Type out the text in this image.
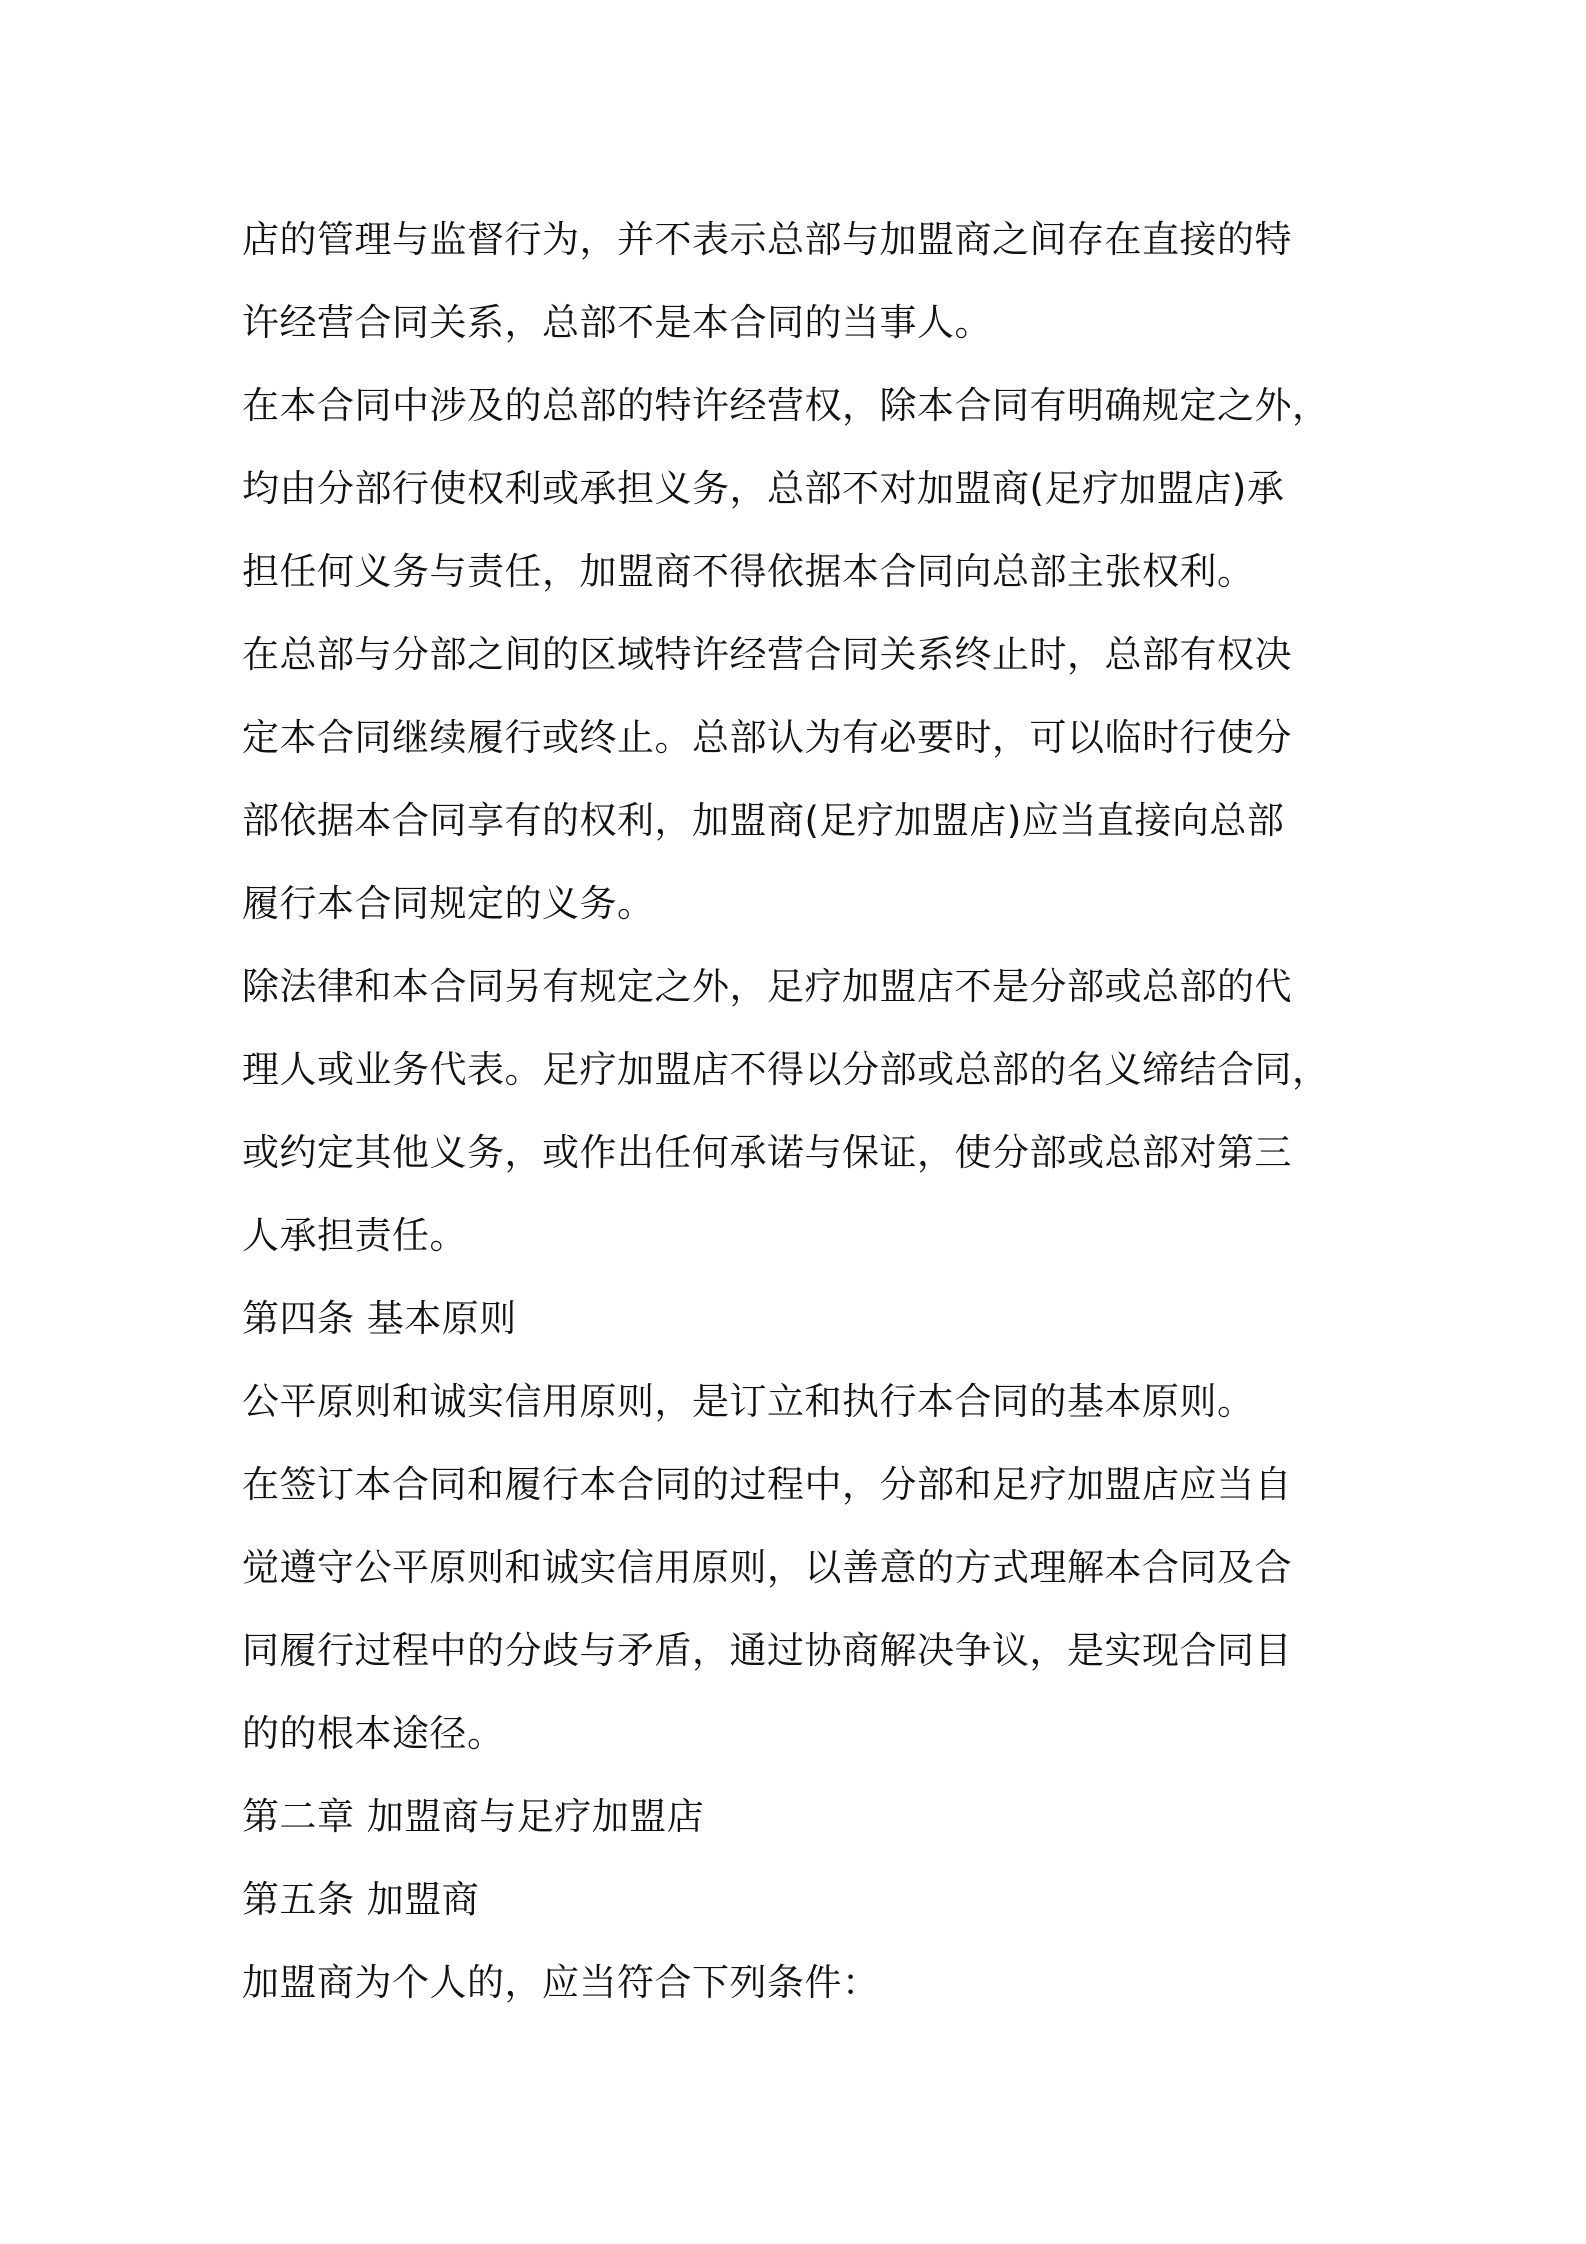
店的管理与监督行为，并不表示总部与加盟商之间存在直接的特
许经营合同关系，总部不是本合同的当事人。
在本合同中涉及的总部的特许经营权，除本合同有明确规定之外，
均由分部行使权利或承担义务，总部不对加盟商(足疗加盟店)承
担任何义务与责任，加盟商不得依据本合同向总部主张权利。
在总部与分部之间的区域特许经营合同关系终止时，总部有权决
定本合同继续履行或终止。总部认为有必要时，可以临时行使分
部依据本合同享有的权利，加盟商(足疗加盟店)应当直接向总部
履行本合同规定的义务。
除法律和本合同另有规定之外，足疗加盟店不是分部或总部的代
理人或业务代表。足疗加盟店不得以分部或总部的名义缔结合同，
或约定其他义务，或作出任何承诺与保证，使分部或总部对第三
人承担责任。
第四条 基本原则
公平原则和诚实信用原则，是订立和执行本合同的基本原则。
在签订本合同和履行本合同的过程中，分部和足疗加盟店应当自
觉遵守公平原则和诚实信用原则，以善意的方式理解本合同及合
同履行过程中的分歧与矛盾，通过协商解决争议，是实现合同目
的的根本途径。
第二章 加盟商与足疗加盟店
第五条 加盟商
加盟商为个人的，应当符合下列条件：
